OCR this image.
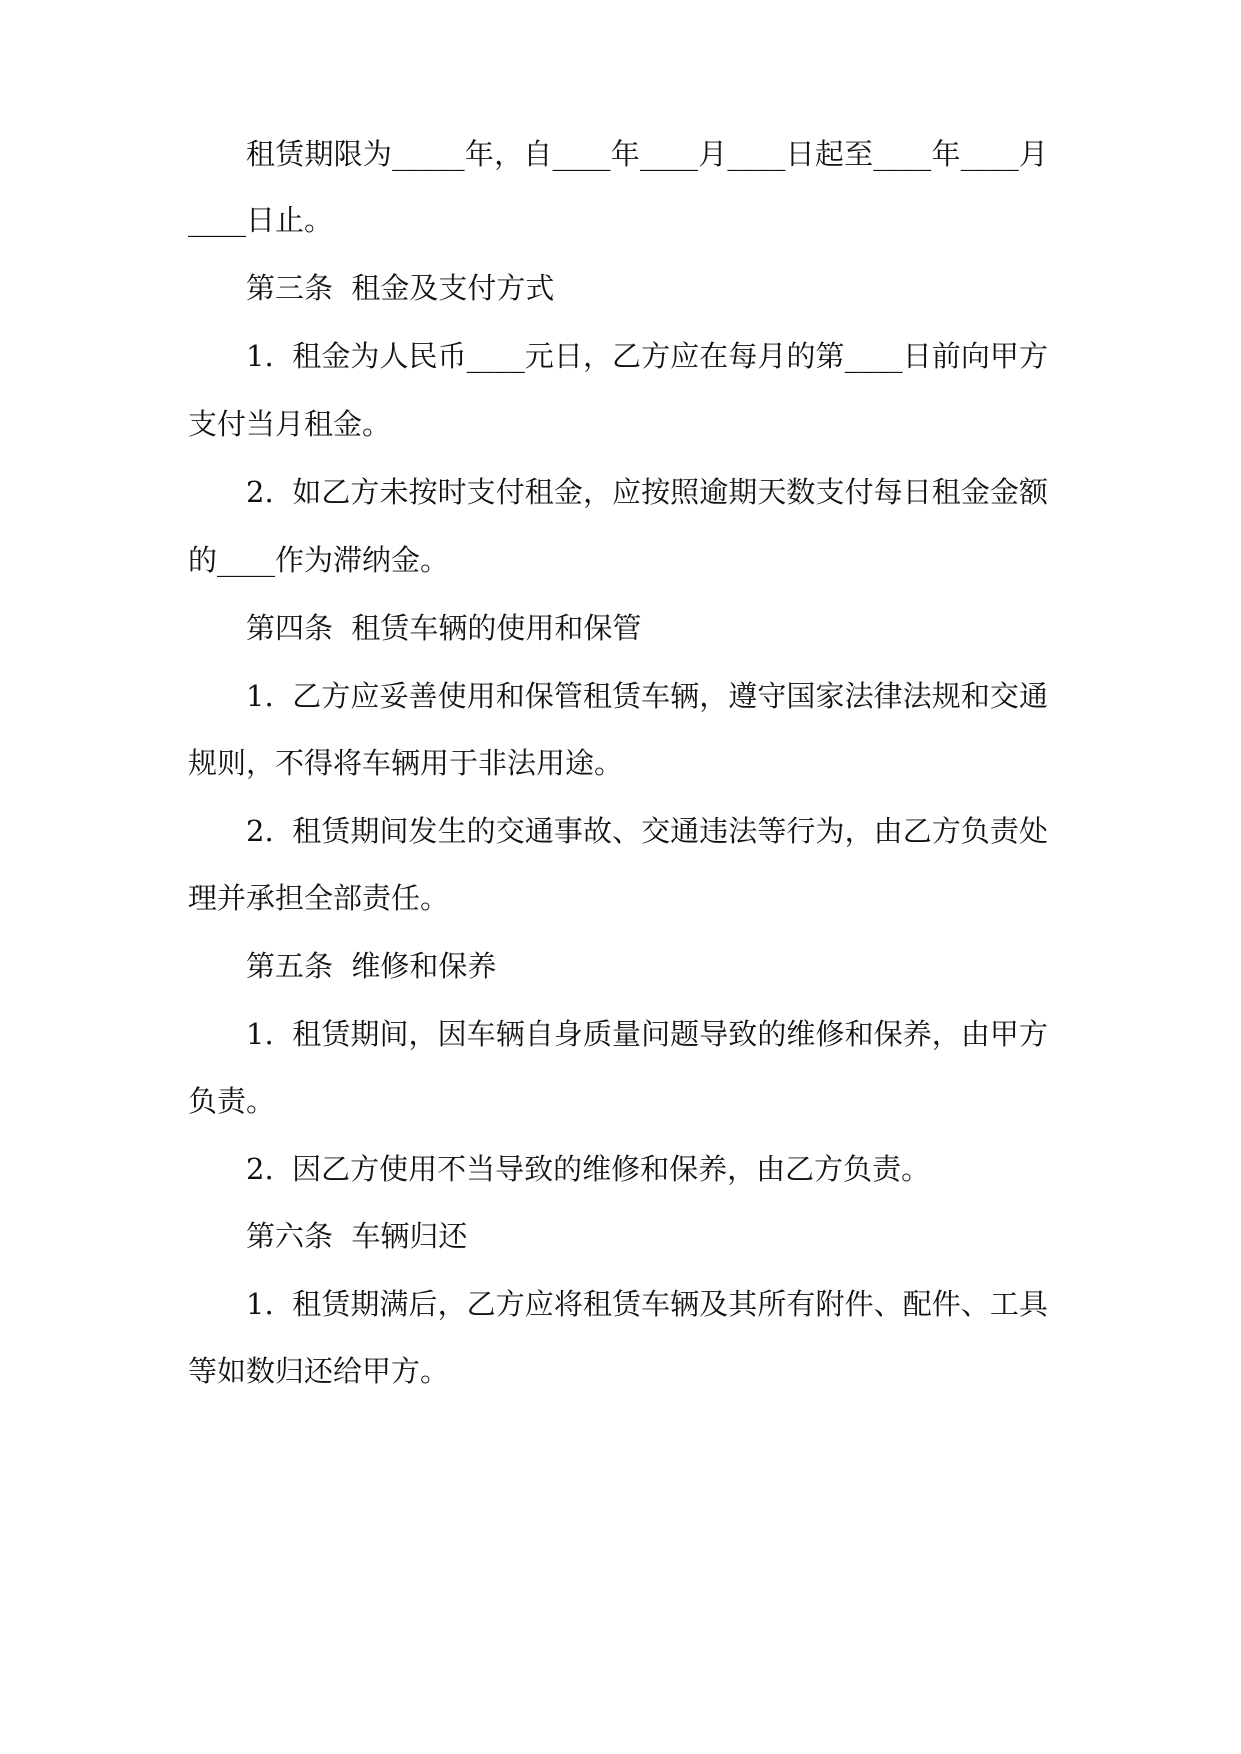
租赁期限为_____年，自____年____月____日起至____年____月

____日止。

第三条  租金及支付方式

1.  租金为人民币____元日，乙方应在每月的第____日前向甲方

支付当月租金。

2.  如乙方未按时支付租金，应按照逾期天数支付每日租金金额

的____作为滞纳金。

第四条  租赁车辆的使用和保管

1.  乙方应妥善使用和保管租赁车辆，遵守国家法律法规和交通

规则，不得将车辆用于非法用途。

2.  租赁期间发生的交通事故、交通违法等行为，由乙方负责处

理并承担全部责任。

第五条  维修和保养

1.  租赁期间，因车辆自身质量问题导致的维修和保养，由甲方

负责。

2.  因乙方使用不当导致的维修和保养，由乙方负责。

第六条  车辆归还

1.  租赁期满后，乙方应将租赁车辆及其所有附件、配件、工具

等如数归还给甲方。
